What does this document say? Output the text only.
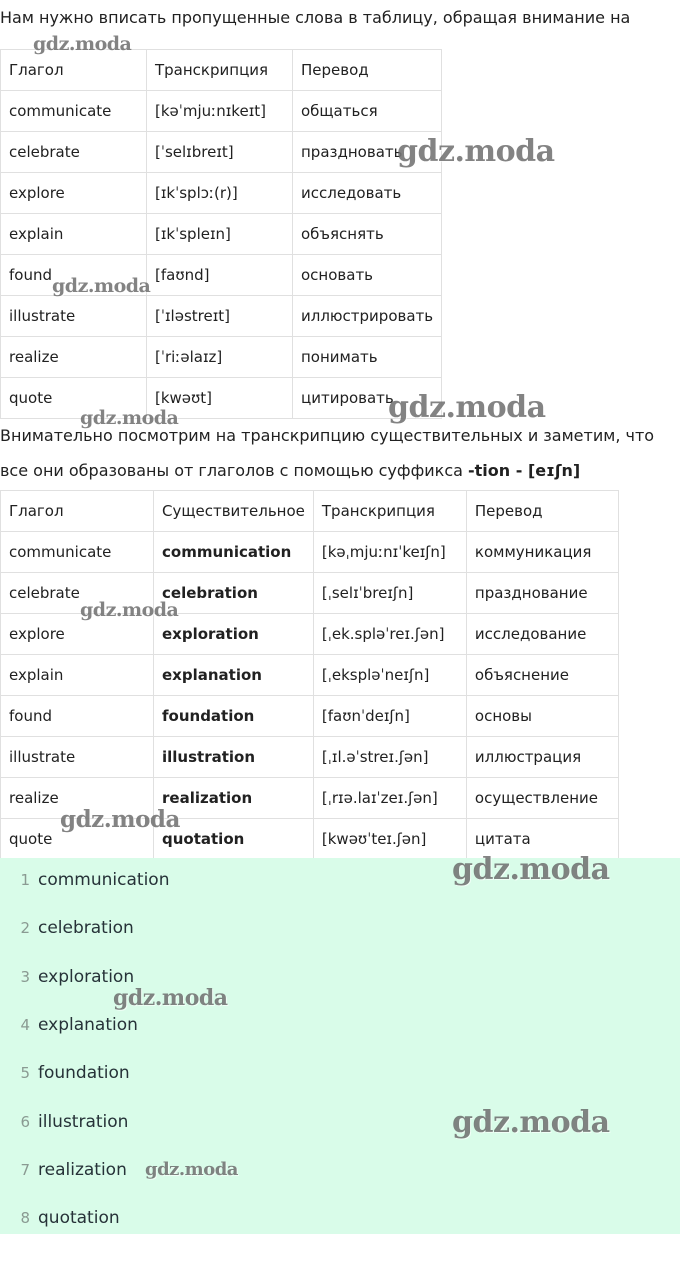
Нам нужно вписать пропущенные слова в таблицу, обращая внимание на

Глагол	Транскрипция	Перевод
communicate	[kəˈmjuːnɪkeɪt]	общаться
celebrate	[ˈselɪbreɪt]	праздновать
explore	[ɪkˈsplɔː(r)]	исследовать
explain	[ɪkˈspleɪn]	объяснять
found	[faʊnd]	основать
illustrate	[ˈɪləstreɪt]	иллюстрировать
realize	[ˈriːəlaɪz]	понимать
quote	[kwəʊt]	цитировать

Внимательно посмотрим на транскрипцию существительных и заметим, что

все они образованы от глаголов с помощью суффикса -tion - [eɪʃn]

Глагол	Существительное	Транскрипция	Перевод
communicate	communication	[kəˌmjuːnɪˈkeɪʃn]	коммуникация
celebrate	celebration	[ˌselɪˈbreɪʃn]	празднование
explore	exploration	[ˌek.spləˈreɪ.ʃən]	исследование
explain	explanation	[ˌekspləˈneɪʃn]	объяснение
found	foundation	[faʊnˈdeɪʃn]	основы
illustrate	illustration	[ˌɪl.əˈstreɪ.ʃən]	иллюстрация
realize	realization	[ˌrɪə.laɪˈzeɪ.ʃən]	осуществление
quote	quotation	[kwəʊˈteɪ.ʃən]	цитата
1 communication
2 celebration
3 exploration
4 explanation
5 foundation
6 illustration
7 realization
8 quotation
gdz.moda
gdz.moda
gdz.moda
gdz.moda	gdz.moda
gdz.moda
gdz.moda
gdz.moda
gdz.moda
gdz.moda
gdz.moda
